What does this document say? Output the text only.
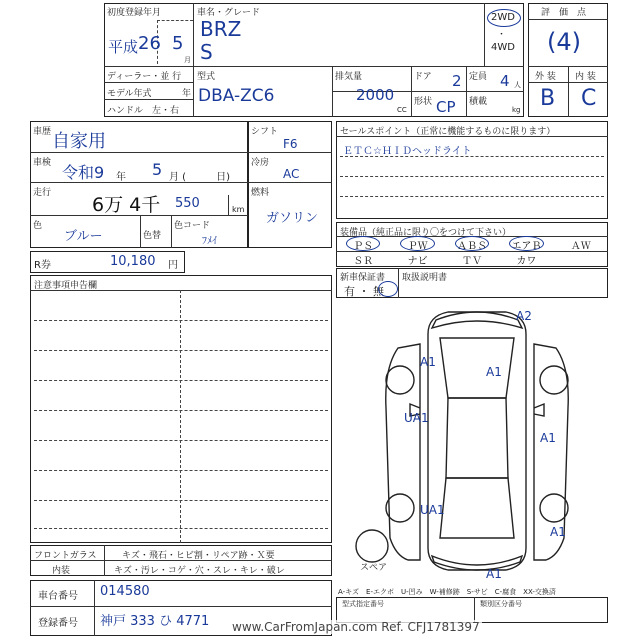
初度登録年月
平成 26 5
月
ディーラー・並 行
モデル年式	年
ハンドル　左・右
車名・グレード
BRZ
S
2WD
・
4WD
型式
DBA-ZC6
排気量
2000
CC
ドア 2 定員 4 人
形状 CP 積載
kg
評　価　点
(4)
外 装 内 装
B C
車歴 自家用
車検 令和9 年 5 月 (　　　日)
走行
6万 4千 550	km
色
ブルー	色替
色コード
ﾌﾒｲ
シフト
F6
冷房
AC
燃料
ガソリン
R券	10,180 円
注意事項申告欄
セールスポイント（正常に機能するものに限ります）
ＥＴＣ☆ＨＩＤヘッドライト
装備品（純正品に限り〇をつけて下さい）
ＰＳ	ＰＷ	ＡＢＳ	エアＢ	ＡＷ
ＳＲ	ナビ	ＴＶ	カワ
新車保証書
有 ・ 無
取扱説明書
A2
A1
A1
UA1
A1
UA1
A1
A1
スペア
A-キズ　E-エクボ　U-凹み　W-補修跡　S-サビ　C-腐食　XX-交換済
フロントガラス	キズ・飛石・ヒビ割・リペア跡・Ｘ要
内装	キズ・汚レ・コゲ・穴・スレ・キレ・破レ
車台番号 014580
登録番号 神戸 333 ひ 4771
型式指定番号	類別区分番号
www.CarFromJapan.com Ref. CFJ1781397
